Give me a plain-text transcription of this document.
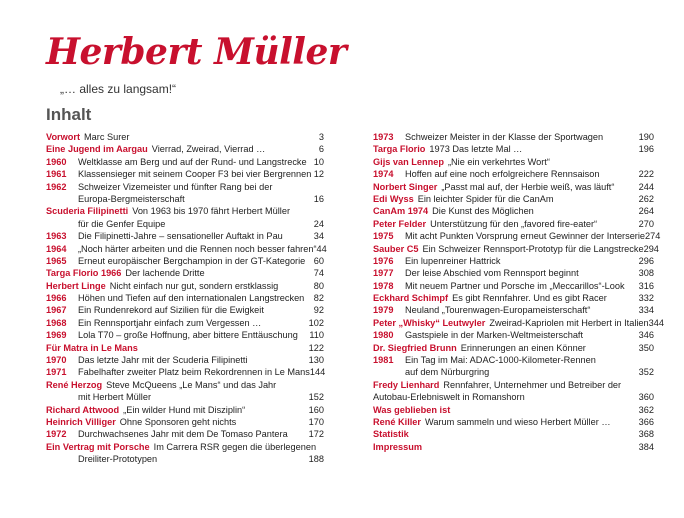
Herbert Müller
„… alles zu langsam!“
Inhalt
Vorwort Marc Surer	3
Eine Jugend im Aargau Vierrad, Zweirad, Vierrad …	6
1960 Weltklasse am Berg und auf der Rund- und Langstrecke 10
1961 Klassensieger mit seinem Cooper F3 bei vier Bergrennen 12
1962 Schweizer Vizemeister und fünfter Rang bei der
Europa-Bergmeisterschaft	16
Scuderia Filipinetti Von 1963 bis 1970 fährt Herbert Müller
für die Genfer Equipe	24
1963 Die Filipinetti-Jahre – sensationeller Auftakt in Pau	34
1964 „Noch härter arbeiten und die Rennen noch besser fahren“ 44
1965 Erneut europäischer Bergchampion in der GT-Kategorie 60
Targa Florio 1966 Der lachende Dritte	74
Herbert Linge Nicht einfach nur gut, sondern erstklassig	80
1966 Höhen und Tiefen auf den internationalen Langstrecken	82
1967 Ein Rundenrekord auf Sizilien für die Ewigkeit	92
1968 Ein Rennsportjahr einfach zum Vergessen …	102
1969 Lola T70 – große Hoffnung, aber bittere Enttäuschung	110
Für Matra in Le Mans	122
1970 Das letzte Jahr mit der Scuderia Filipinetti	130
1971 Fabelhafter zweiter Platz beim Rekordrennen in Le Mans 144
René Herzog Steve McQueens „Le Mans“ und das Jahr
mit Herbert Müller	152
Richard Attwood „Ein wilder Hund mit Disziplin“	160
Heinrich Villiger Ohne Sponsoren geht nichts	170
1972 Durchwachsenes Jahr mit dem De Tomaso Pantera	172
Ein Vertrag mit Porsche Im Carrera RSR gegen die überlegenen
Dreiliter-Prototypen	188
1973 Schweizer Meister in der Klasse der Sportwagen	190
Targa Florio 1973 Das letzte Mal …	196
Gijs van Lennep „Nie ein verkehrtes Wort“
1974 Hoffen auf eine noch erfolgreichere Rennsaison	222
Norbert Singer „Passt mal auf, der Herbie weiß, was läuft“	244
Edi Wyss Ein leichter Spider für die CanAm	262
CanAm 1974 Die Kunst des Möglichen	264
Peter Felder Unterstützung für den „favored fire-eater“	270
1975 Mit acht Punkten Vorsprung erneut Gewinner der Interserie 274
Sauber C5 Ein Schweizer Rennsport-Prototyp für die Langstrecke 294
1976 Ein lupenreiner Hattrick	296
1977 Der leise Abschied vom Rennsport beginnt	308
1978 Mit neuem Partner und Porsche im „Meccarillos“-Look	316
Eckhard Schimpf Es gibt Rennfahrer. Und es gibt Racer	332
1979 Neuland „Tourenwagen-Europameisterschaft“	334
Peter „Whisky“ Leutwyler Zweirad-Kapriolen mit Herbert in Italien 344
1980 Gastspiele in der Marken-Weltmeisterschaft	346
Dr. Siegfried Brunn Erinnerungen an einen Könner	350
1981 Ein Tag im Mai: ADAC-1000-Kilometer-Rennen
auf dem Nürburgring	352
Fredy Lienhard Rennfahrer, Unternehmer und Betreiber der Autobau-Erlebniswelt in Romanshorn	360
Was geblieben ist	362
René Killer Warum sammeln und wieso Herbert Müller …	366
Statistik	368
Impressum	384
